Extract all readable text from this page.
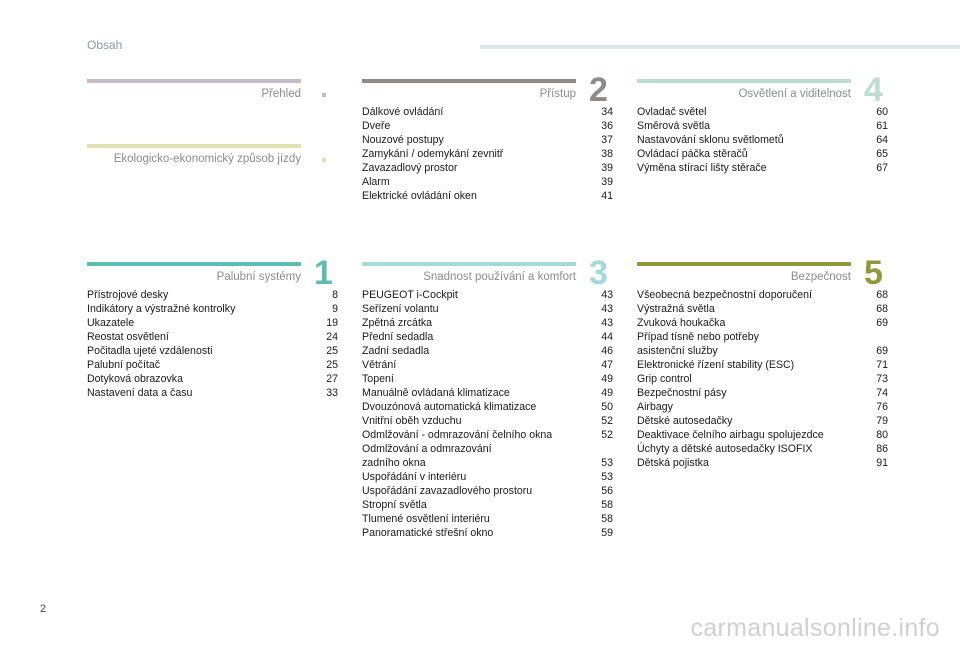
Obsah
Přehled
Ekologicko-ekonomický způsob jízdy
Přístup 2
Dálkové ovládání	34
Dveře	36
Nouzové postupy	37
Zamykání / odemykání zevnitř	38
Zavazadlový prostor	39
Alarm	39
Elektrické ovládání oken	41
Osvětlení a viditelnost 4
Ovladač světel	60
Směrová světla	61
Nastavování sklonu světlometů	64
Ovládací páčka stěračů	65
Výměna stírací lišty stěrače	67
Palubní systémy 1
Přístrojové desky	8
Indikátory a výstražné kontrolky	9
Ukazatele	19
Reostat osvětlení	24
Počitadla ujeté vzdálenosti	25
Palubní počítač	25
Dotyková obrazovka	27
Nastavení data a času	33
Snadnost používání a komfort 3
PEUGEOT i-Cockpit	43
Seřízení volantu	43
Zpětná zrcátka	43
Přední sedadla	44
Zadní sedadla	46
Větrání	47
Topení	49
Manuálně ovládaná klimatizace	49
Dvouzónová automatická klimatizace	50
Vnitřní oběh vzduchu	52
Odmlžování - odmrazování čelního okna	52
Odmlžování a odmrazování
zadního okna	53
Uspořádání v interiéru	53
Uspořádání zavazadlového prostoru	56
Stropní světla	58
Tlumené osvětlení interiéru	58
Panoramatické střešní okno	59
Bezpečnost 5
Všeobecná bezpečnostní doporučení	68
Výstražná světla	68
Zvuková houkačka	69
Případ tísně nebo potřeby
asistenční služby	69
Elektronické řízení stability (ESC)	71
Grip control	73
Bezpečnostní pásy	74
Airbagy	76
Dětské autosedačky	79
Deaktivace čelního airbagu spolujezdce	80
Úchyty a dětské autosedačky ISOFIX	86
Dětská pojistka	91
2
carmanualsonline.info
